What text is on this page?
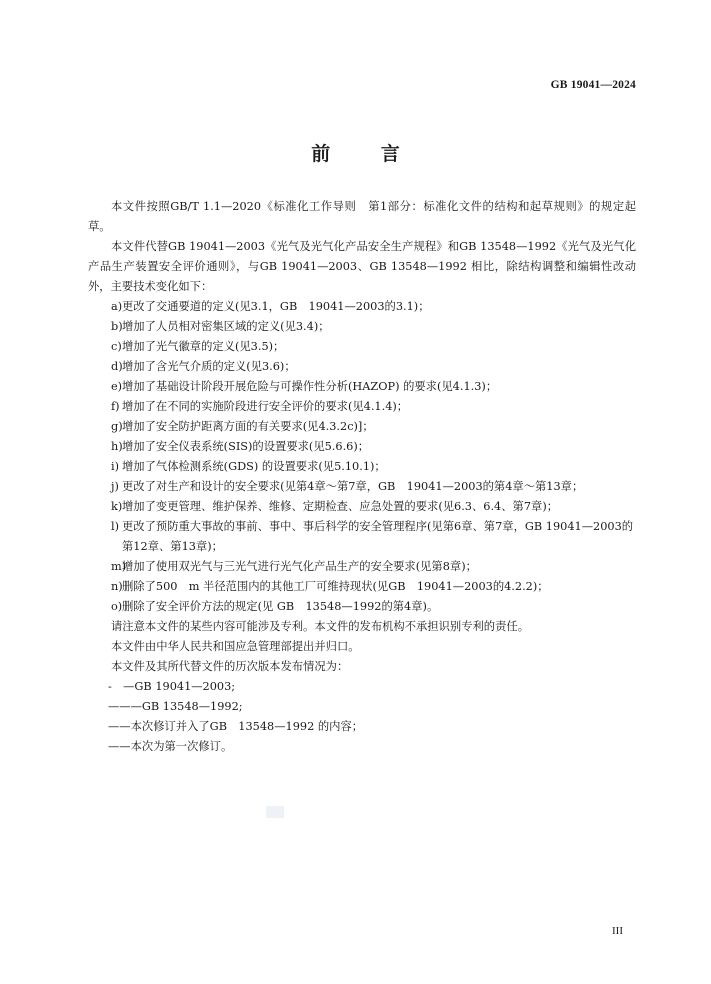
GB 19041—2024
前 言

本文件按照GB/T 1.1—2020《标准化工作导则　第1部分：标准化文件的结构和起草规则》的规定起草。

本文件代替GB 19041—2003《光气及光气化产品安全生产规程》和GB 13548—1992《光气及光气化产品生产装置安全评价通则》，与GB 19041—2003、GB 13548—1992 相比，除结构调整和编辑性改动外，主要技术变化如下：

a) 更改了交通要道的定义(见3.1，GB　19041—2003的3.1)；
b) 增加了人员相对密集区域的定义(见3.4)；
c) 增加了光气徽章的定义(见3.5)；
d) 增加了含光气介质的定义(见3.6)；
e) 增加了基础设计阶段开展危险与可操作性分析(HAZOP) 的要求(见4.1.3)；
f) 增加了在不同的实施阶段进行安全评价的要求(见4.1.4)；
g) 增加了安全防护距离方面的有关要求(见4.3.2c)]；
h) 增加了安全仪表系统(SIS)的设置要求(见5.6.6)；
i) 增加了气体检测系统(GDS) 的设置要求(见5.10.1)；
j) 更改了对生产和设计的安全要求(见第4章～第7章，GB　19041—2003的第4章～第13章；
k) 增加了变更管理、维护保养、维修、定期检查、应急处置的要求(见6.3、6.4、第7章)；
l) 更改了预防重大事故的事前、事中、事后科学的安全管理程序(见第6章、第7章，GB 19041—2003的第12章、第13章)；
m)
增加了使用双光气与三光气进行光气化产品生产的安全要求(见第8章)；
n) 删除了500　m 半径范围内的其他工厂可维持现状(见GB　19041—2003的4.2.2)；
o) 删除了安全评价方法的规定(见 GB　13548—1992的第4章)。

请注意本文件的某些内容可能涉及专利。本文件的发布机构不承担识别专利的责任。

本文件由中华人民共和国应急管理部提出并归口。

本文件及其所代替文件的历次版本发布情况为：

-　—GB 19041—2003;

———GB 13548—1992;

——本次修订并入了GB　13548—1992 的内容；

——本次为第一次修订。

III
